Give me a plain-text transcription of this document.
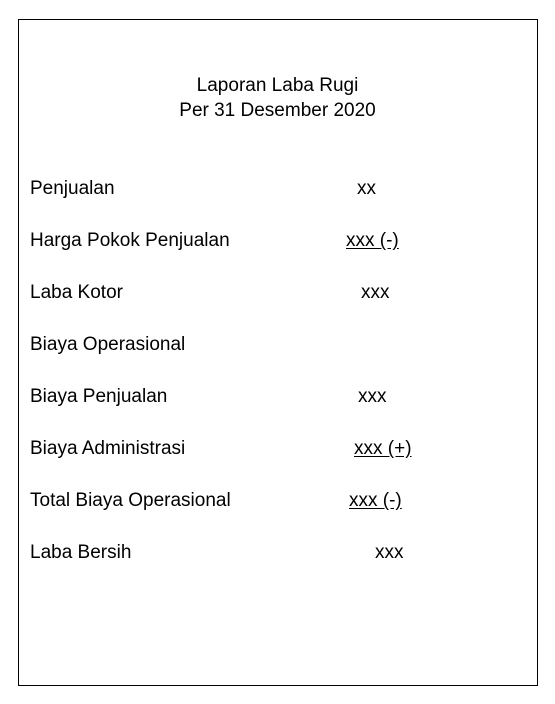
Laporan Laba Rugi
Per 31 Desember 2020
Penjualan	xx
Harga Pokok Penjualan	xxx (-)
Laba Kotor	xxx
Biaya Operasional
Biaya Penjualan	xxx
Biaya Administrasi	xxx (+)
Total Biaya Operasional	xxx (-)
Laba Bersih	xxx
